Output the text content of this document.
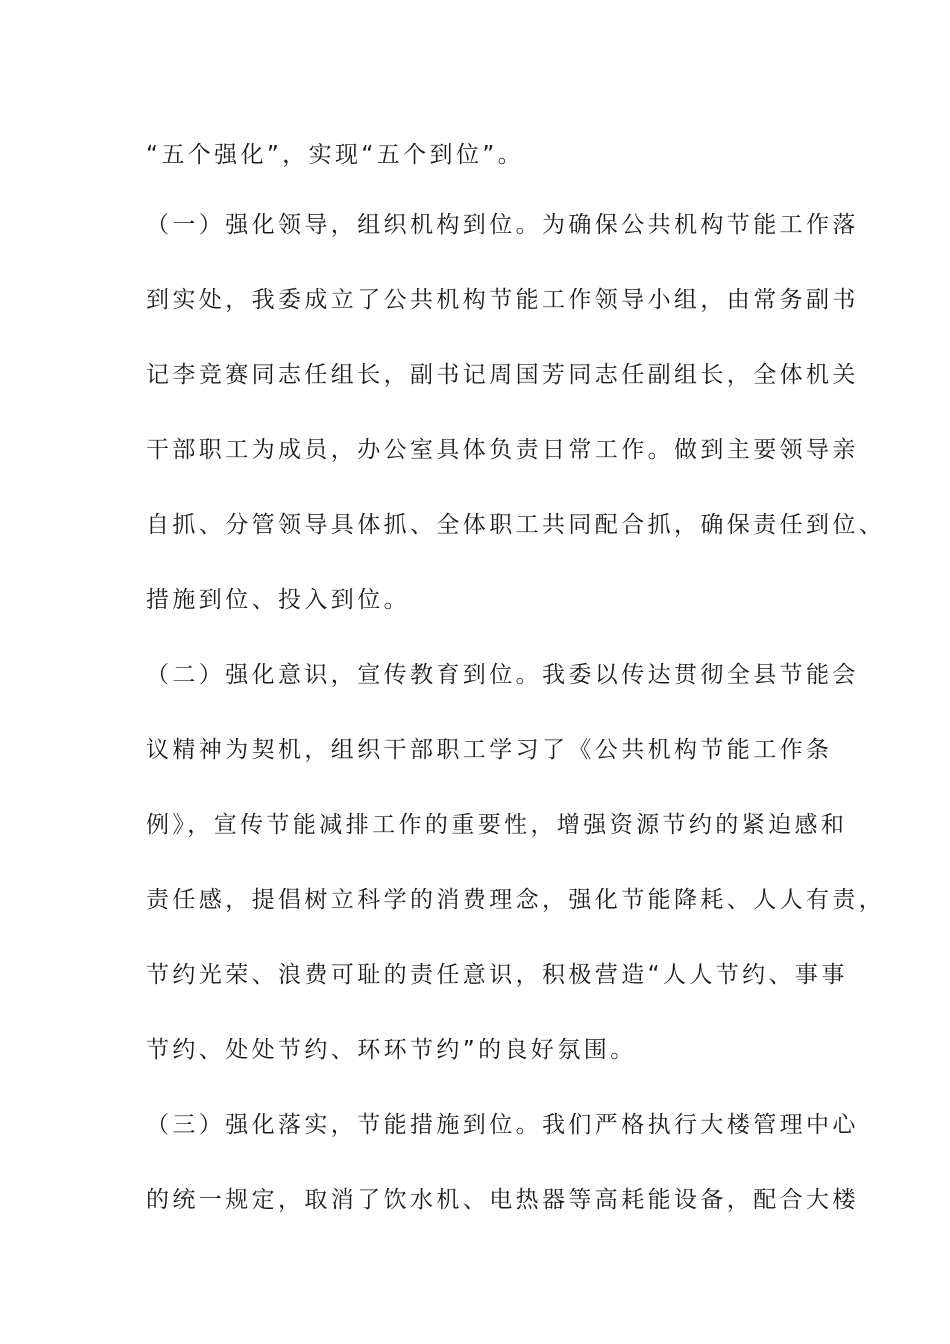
“五个强化”，实现“五个到位”。
（一）强化领导，组织机构到位。为确保公共机构节能工作落
到实处，我委成立了公共机构节能工作领导小组，由常务副书
记李竞赛同志任组长，副书记周国芳同志任副组长，全体机关
干部职工为成员，办公室具体负责日常工作。做到主要领导亲
自抓、分管领导具体抓、全体职工共同配合抓，确保责任到位、
措施到位、投入到位。
（二）强化意识，宣传教育到位。我委以传达贯彻全县节能会
议精神为契机，组织干部职工学习了《公共机构节能工作条
例》，宣传节能减排工作的重要性，增强资源节约的紧迫感和
责任感，提倡树立科学的消费理念，强化节能降耗、人人有责，
节约光荣、浪费可耻的责任意识，积极营造“人人节约、事事
节约、处处节约、环环节约”的良好氛围。
（三）强化落实，节能措施到位。我们严格执行大楼管理中心
的统一规定，取消了饮水机、电热器等高耗能设备，配合大楼
